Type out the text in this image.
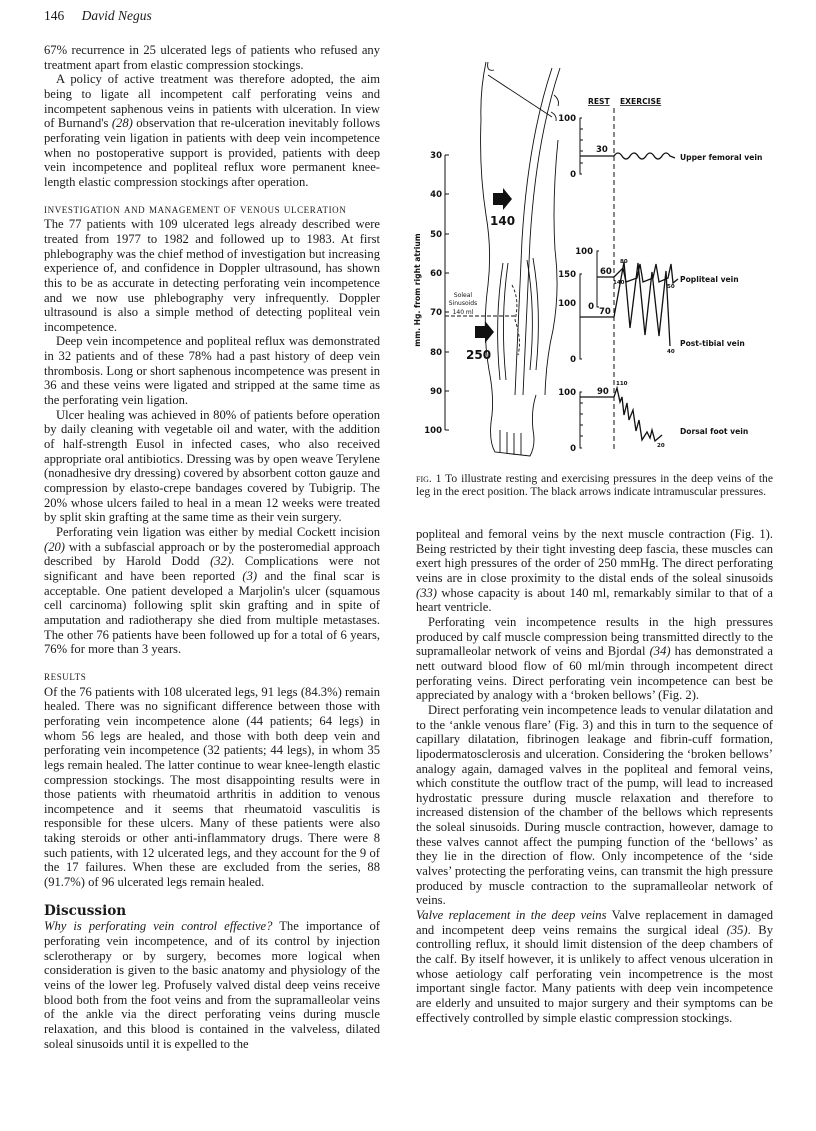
146 David Negus

67% recurrence in 25 ulcerated legs of patients who refused any treatment apart from elastic compression stockings.

A policy of active treatment was therefore adopted, the aim being to ligate all incompetent calf perforating veins and incompetent saphenous veins in patients with ulceration. In view of Burnand's (28) observation that re-ulceration inevitably follows perforating vein ligation in patients with deep vein incompetence when no postoperative support is provided, patients with deep vein incompetence and popliteal reflux wore permanent knee-length elastic compression stockings after operation.

investigation and management of venous ulceration

The 77 patients with 109 ulcerated legs already described were treated from 1977 to 1982 and followed up to 1983. At first phlebography was the chief method of investigation but increasing experience of, and confidence in Doppler ultrasound, has shown this to be as accurate in detecting perforating vein incompetence and we now use phlebography very infrequently. Doppler ultrasound is also a simple method of detecting popliteal vein incompetence.

Deep vein incompetence and popliteal reflux was demonstrated in 32 patients and of these 78% had a past history of deep vein thrombosis. Long or short saphenous incompetence was present in 36 and these veins were ligated and stripped at the same time as the perforating vein ligation.

Ulcer healing was achieved in 80% of patients before operation by daily cleaning with vegetable oil and water, with the addition of half-strength Eusol in infected cases, who also received appropriate oral antibiotics. Dressing was by open weave Terylene (nonadhesive dry dressing) covered by absorbent cotton gauze and compression by elasto-crepe bandages covered by Tubigrip. The 20% whose ulcers failed to heal in a mean 12 weeks were treated by split skin grafting at the same time as their vein surgery.

Perforating vein ligation was either by medial Cockett incision (20) with a subfascial approach or by the posteromedial approach described by Harold Dodd (32). Complications were not significant and have been reported (3) and the final scar is acceptable. One patient developed a Marjolin's ulcer (squamous cell carcinoma) following split skin grafting and in spite of amputation and radiotherapy she died from multiple metastases. The other 76 patients have been followed up for a total of 6 years, 76% for more than 3 years.

results

Of the 76 patients with 108 ulcerated legs, 91 legs (84.3%) remain healed. There was no significant difference between those with perforating vein incompetence alone (44 patients; 64 legs) in whom 56 legs are healed, and those with both deep vein and perforating vein incompetence (32 patients; 44 legs), in whom 35 legs remain healed. The latter continue to wear knee-length elastic compression stockings. The most disappointing results were in those patients with rheumatoid arthritis in addition to venous incompetence and it seems that rheumatoid vasculitis is responsible for these ulcers. Many of these patients were also taking steroids or other anti-inflammatory drugs. There were 8 such patients, with 12 ulcerated legs, and they account for the 9 of the 17 failures. When these are excluded from the series, 88 (91.7%) of 96 ulcerated legs remain healed.

Discussion

Why is perforating vein control effective? The importance of perforating vein incompetence, and of its control by injection sclerotherapy or by surgery, becomes more logical when consideration is given to the basic anatomy and physiology of the veins of the lower leg. Profusely valved distal deep veins receive blood both from the foot veins and from the supramalleolar veins of the ankle via the direct perforating veins during muscle relaxation, and this blood is contained in the valveless, dilated soleal sinusoids until it is expelled to the

30
40
50
60
70
80
90
100
mm. Hg. from right atrium	Soleal
Sinusoids
140 ml
140
250
REST EXERCISE
100
0
30
Upper femoral vein
100
0
60
80
50
Popliteal vein
150
100
0
70
140
40
Post-tibial vein
100
0
90
110
20
Dorsal foot vein
fig. 1 To illustrate resting and exercising pressures in the deep veins of the leg in the erect position. The black arrows indicate intramuscular pressures.

popliteal and femoral veins by the next muscle contraction (Fig. 1). Being restricted by their tight investing deep fascia, these muscles can exert high pressures of the order of 250 mmHg. The direct perforating veins are in close proximity to the distal ends of the soleal sinusoids (33) whose capacity is about 140 ml, remarkably similar to that of a heart ventricle.

Perforating vein incompetence results in the high pressures produced by calf muscle compression being transmitted directly to the supramalleolar network of veins and Bjordal (34) has demonstrated a nett outward blood flow of 60 ml/min through incompetent direct perforating veins. Direct perforating vein incompetence can best be appreciated by analogy with a ‘broken bellows’ (Fig. 2).

Direct perforating vein incompetence leads to venular dilatation and to the ‘ankle venous flare’ (Fig. 3) and this in turn to the sequence of capillary dilatation, fibrinogen leakage and fibrin-cuff formation, lipodermatosclerosis and ulceration. Considering the ‘broken bellows’ analogy again, damaged valves in the popliteal and femoral veins, which constitute the outflow tract of the pump, will lead to increased hydrostatic pressure during muscle relaxation and therefore to increased distension of the chamber of the bellows which represents the soleal sinusoids. During muscle contraction, however, damage to these valves cannot affect the pumping function of the ‘bellows’ as they lie in the direction of flow. Only incompetence of the ‘side valves’ protecting the perforating veins, can transmit the high pressure produced by muscle contraction to the supramalleolar network of veins.

Valve replacement in the deep veins Valve replacement in damaged and incompetent deep veins remains the surgical ideal (35). By controlling reflux, it should limit distension of the deep chambers of the calf. By itself however, it is unlikely to affect venous ulceration in whose aetiology calf perforating vein incompetrence is the most important single factor. Many patients with deep vein incompetence are elderly and unsuited to major surgery and their symptoms can be effectively controlled by simple elastic compression stockings.
